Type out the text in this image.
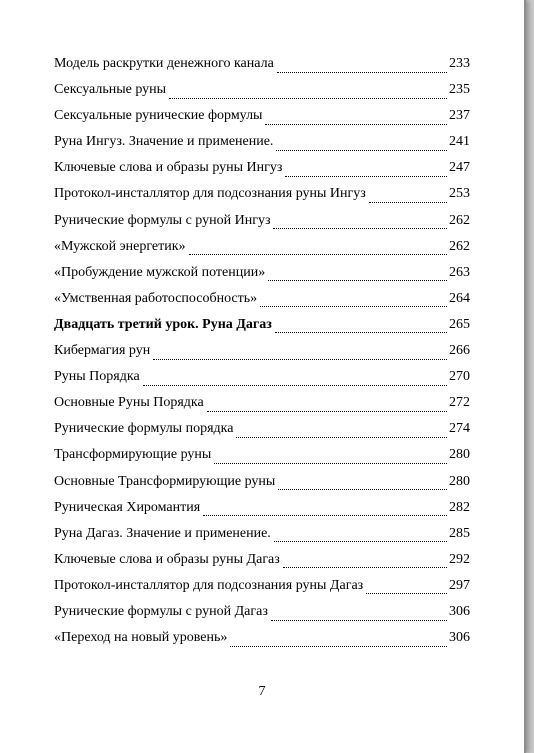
Модель раскрутки денежного канала	233
Сексуальные руны	235
Сексуальные рунические формулы	237
Руна Ингуз. Значение и применение.	241
Ключевые слова и образы руны Ингуз	247
Протокол-инсталлятор для подсознания руны Ингуз	253
Рунические формулы с руной Ингуз	262
«Мужской энергетик»	262
«Пробуждение мужской потенции»	263
«Умственная работоспособность»	264
Двадцать третий урок. Руна Дагаз	265
Кибермагия рун	266
Руны Порядка	270
Основные Руны Порядка	272
Рунические формулы порядка	274
Трансформирующие руны	280
Основные Трансформирующие руны	280
Руническая Хиромантия	282
Руна Дагаз. Значение и применение.	285
Ключевые слова и образы руны Дагаз	292
Протокол-инсталлятор для подсознания руны Дагаз	297
Рунические формулы с руной Дагаз	306
«Переход на новый уровень»	306
7
